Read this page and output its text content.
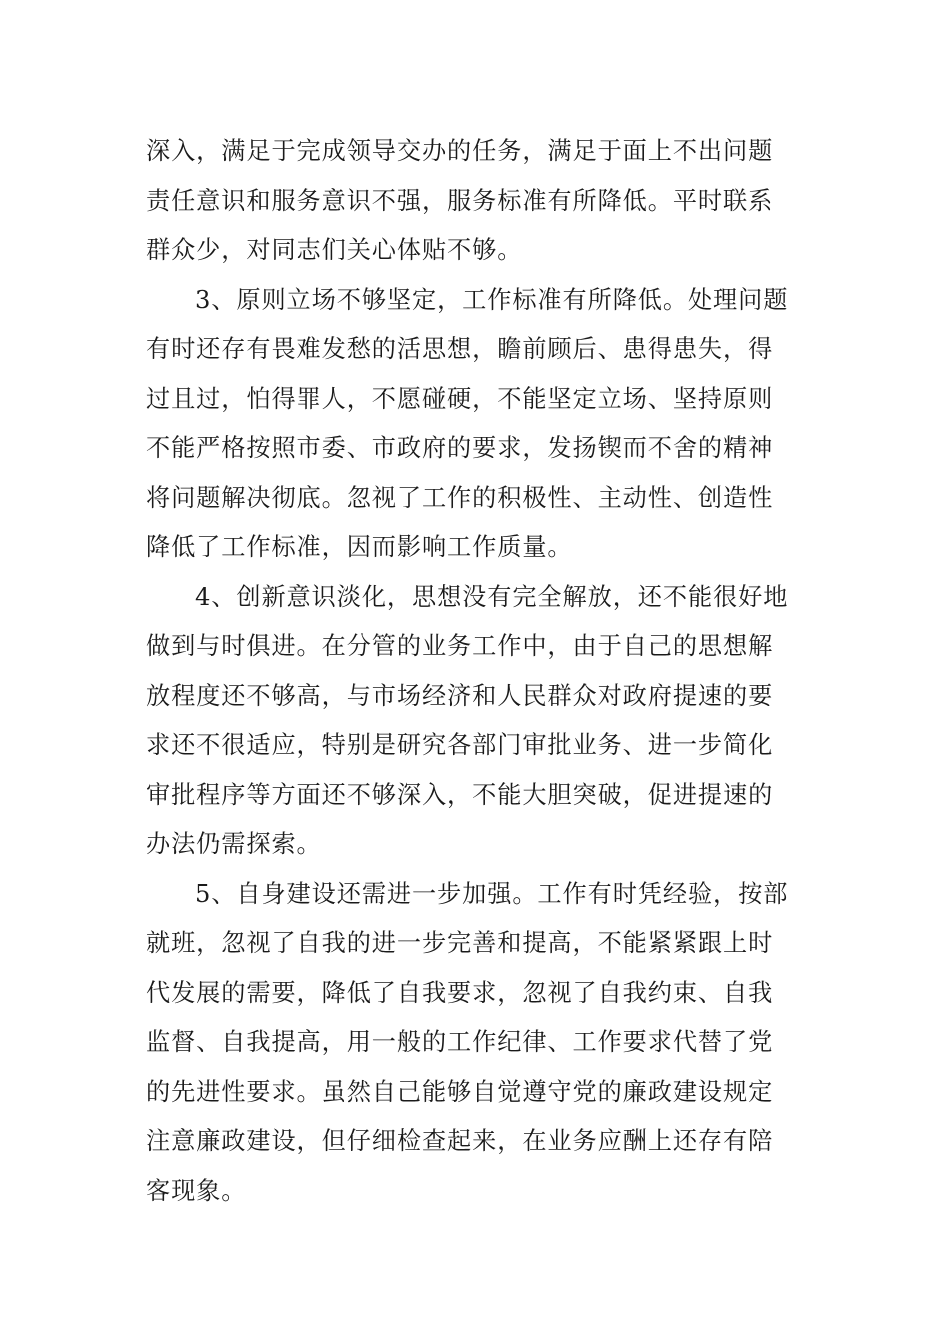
深入，满足于完成领导交办的任务，满足于面上不出问题
责任意识和服务意识不强，服务标准有所降低。平时联系
群众少，对同志们关心体贴不够。
3、原则立场不够坚定，工作标准有所降低。处理问题
有时还存有畏难发愁的活思想，瞻前顾后、患得患失，得
过且过，怕得罪人，不愿碰硬，不能坚定立场、坚持原则
不能严格按照市委、市政府的要求，发扬锲而不舍的精神
将问题解决彻底。忽视了工作的积极性、主动性、创造性
降低了工作标准，因而影响工作质量。
4、创新意识淡化，思想没有完全解放，还不能很好地
做到与时俱进。在分管的业务工作中，由于自己的思想解
放程度还不够高，与市场经济和人民群众对政府提速的要
求还不很适应，特别是研究各部门审批业务、进一步简化
审批程序等方面还不够深入，不能大胆突破，促进提速的
办法仍需探索。
5、自身建设还需进一步加强。工作有时凭经验，按部
就班，忽视了自我的进一步完善和提高，不能紧紧跟上时
代发展的需要，降低了自我要求，忽视了自我约束、自我
监督、自我提高，用一般的工作纪律、工作要求代替了党
的先进性要求。虽然自己能够自觉遵守党的廉政建设规定
注意廉政建设，但仔细检查起来，在业务应酬上还存有陪
客现象。
